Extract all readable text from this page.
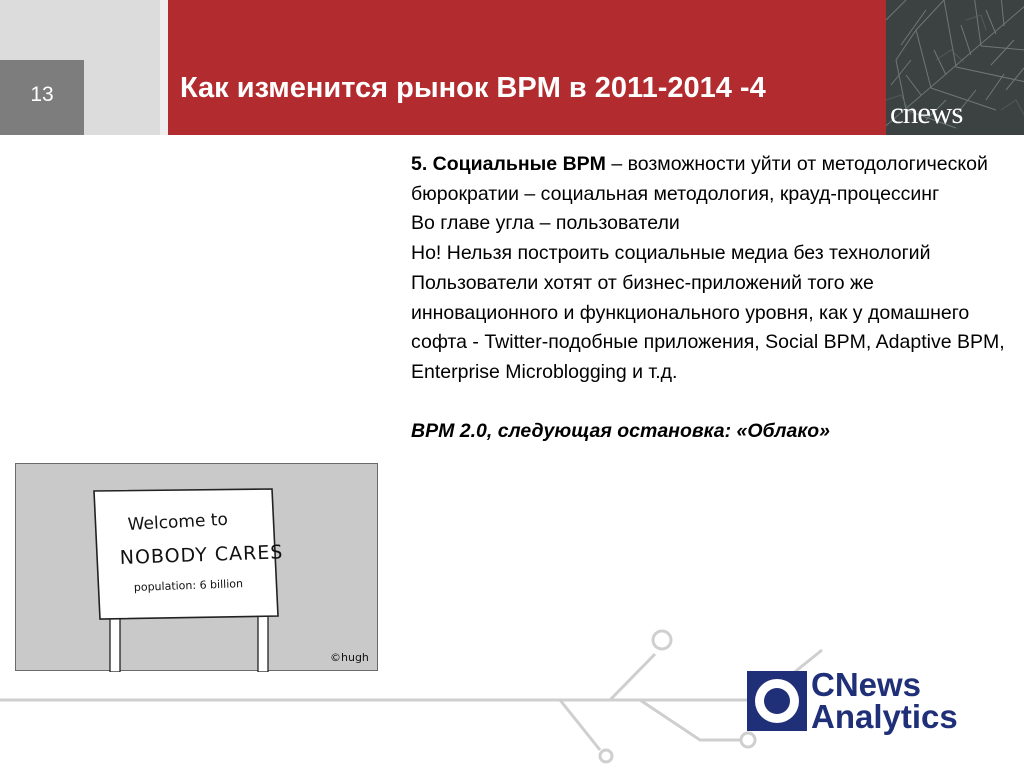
13	Как изменится рынок BPM в 2011-2014 -4
cnews

5. Социальные BPM – возможности уйти от методологической бюрократии – социальная методология, крауд-процессинг

Во главе угла – пользователи

Но! Нельзя построить социальные медиа без технологий

Пользователи хотят от бизнес-приложений того же инновационного и функционального уровня, как у домашнего софта - Twitter-подобные приложения, Social BPM, Adaptive BPM, Enterprise Microblogging и т.д.

BPM 2.0, следующая остановка: «Облако»

Welcome to
NOBODY CARES
population: 6 billion
©hugh
CNews
Analytics
